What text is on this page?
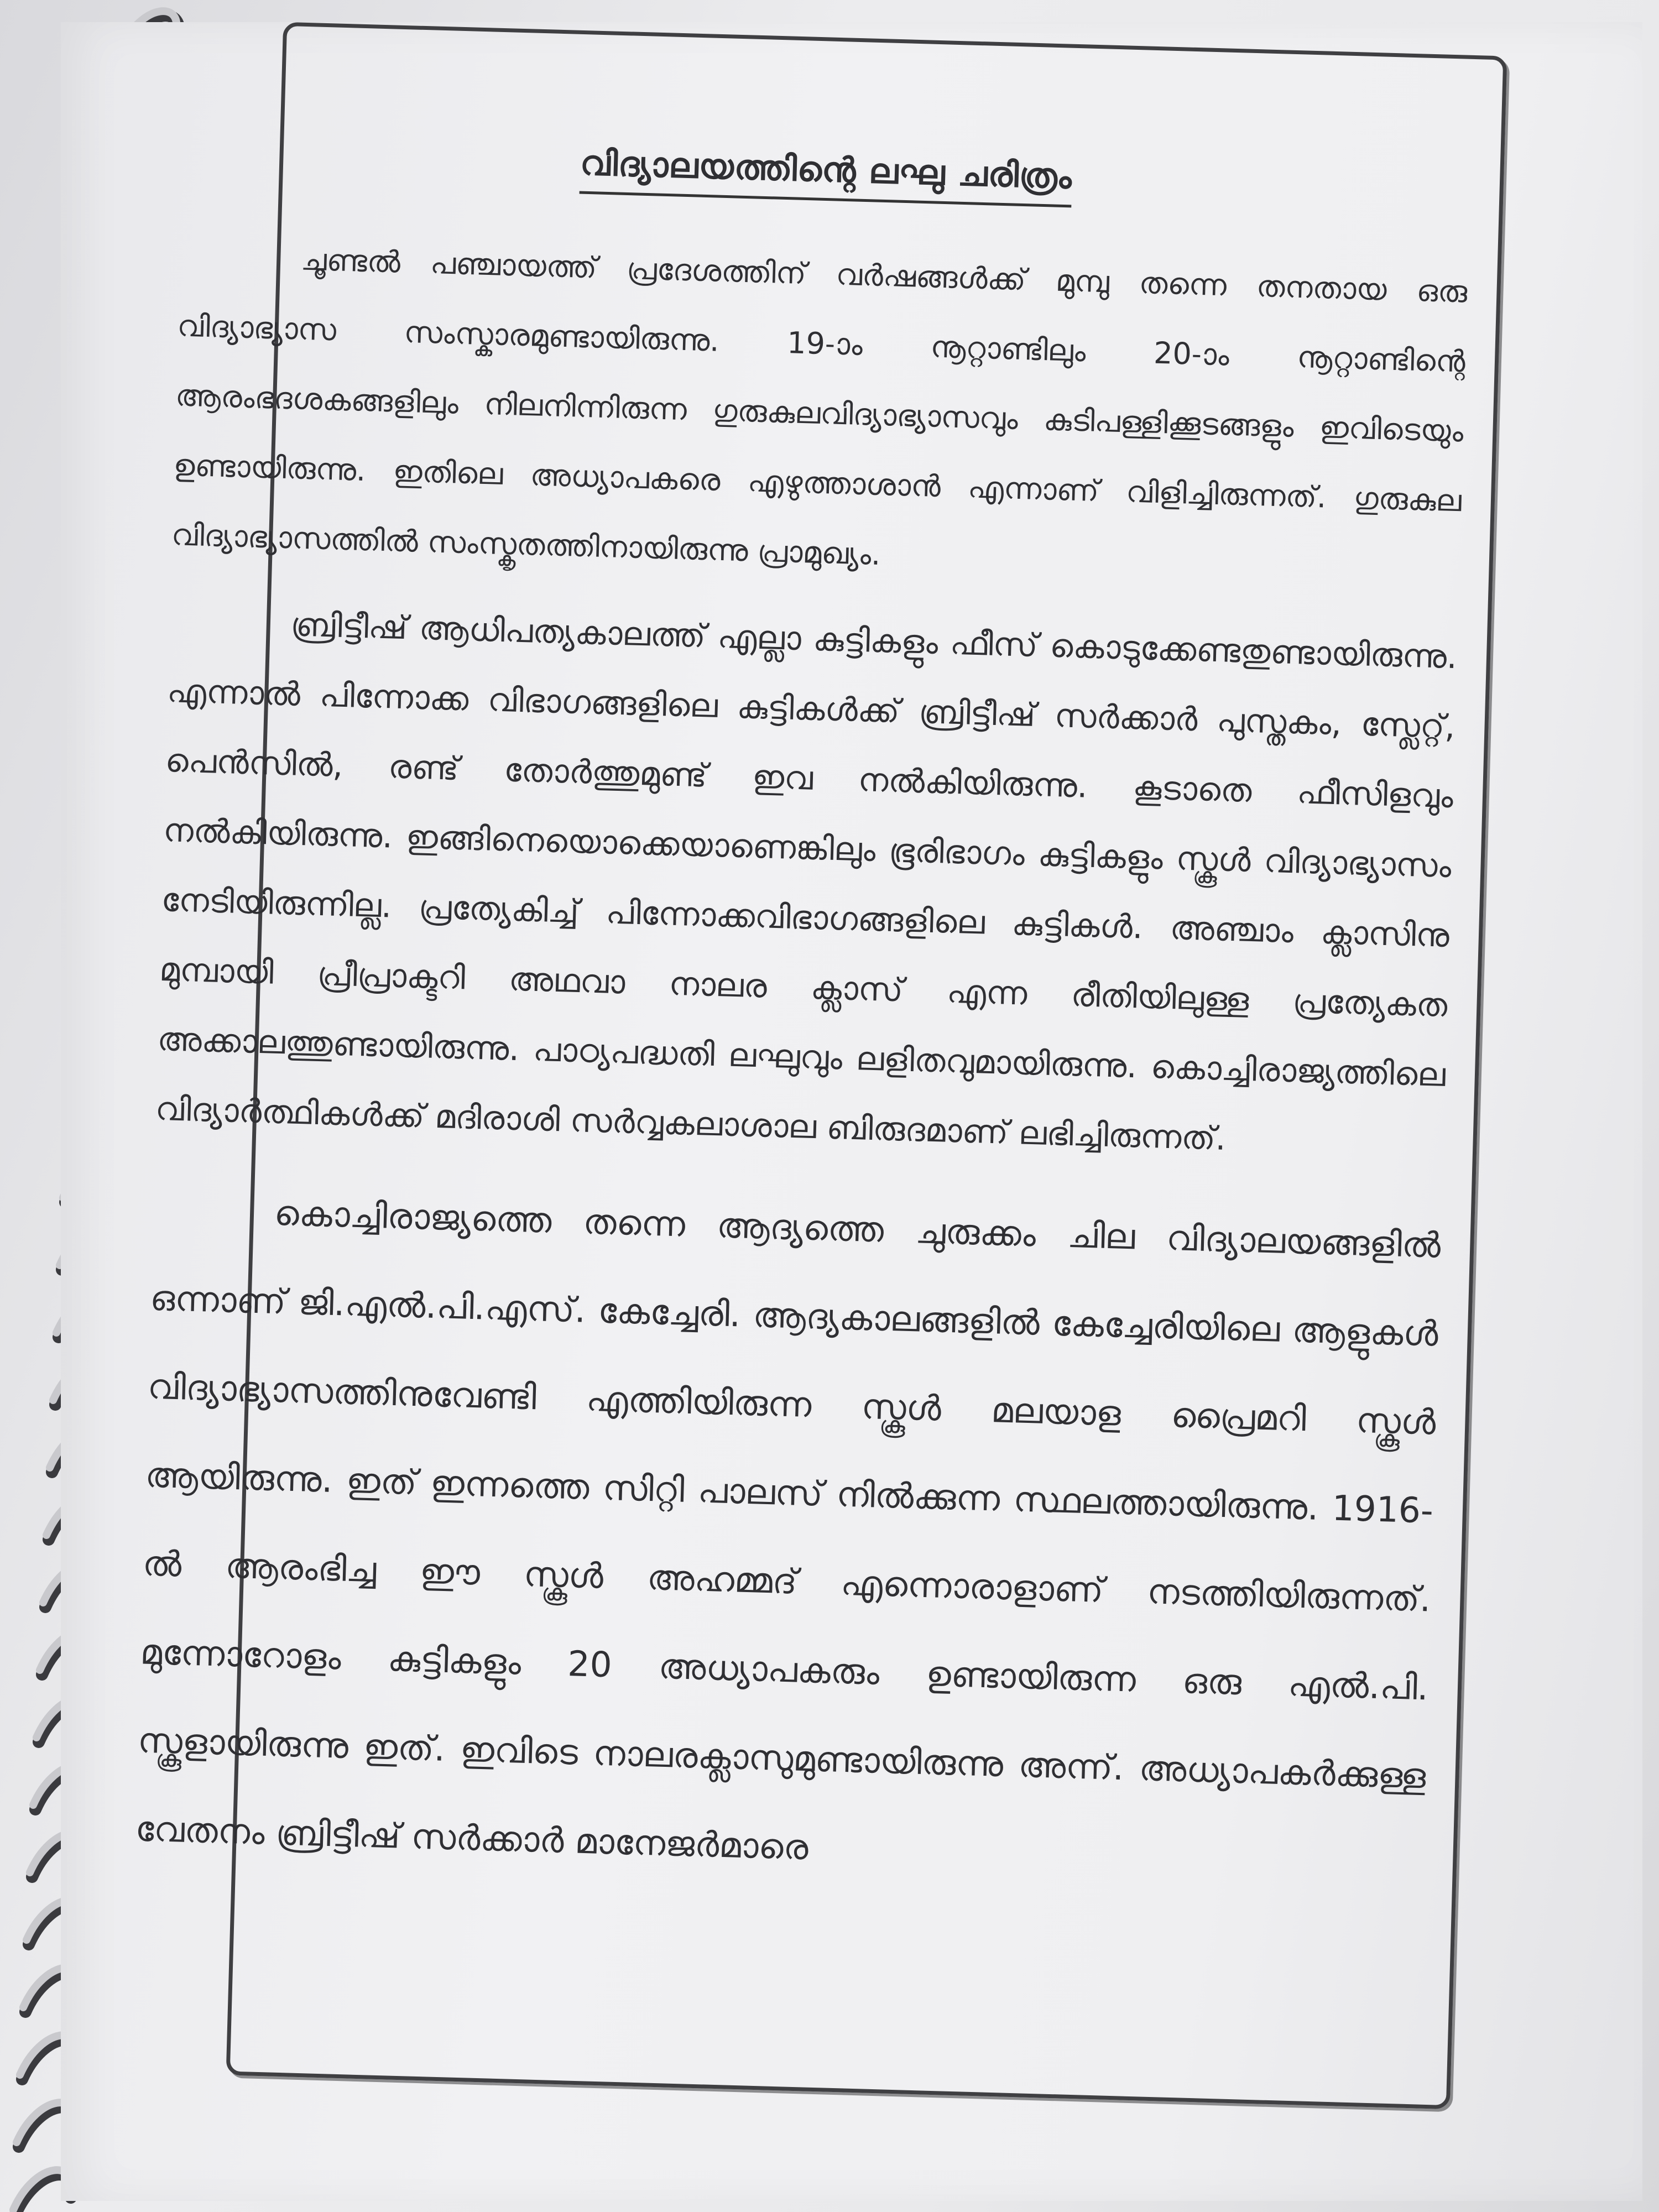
വിദ്യാലയത്തിന്റെ ലഘു ചരിത്രം

ചൂണ്ടൽ പഞ്ചായത്ത് പ്രദേശത്തിന് വർഷങ്ങൾക്ക് മുമ്പു തന്നെ തനതായ ഒരു വിദ്യാഭ്യാസ സംസ്കാരമുണ്ടായിരുന്നു. 19-ാം നൂറ്റാണ്ടിലും 20-ാം നൂറ്റാണ്ടിന്റെ ആരംഭദശകങ്ങളിലും നിലനിന്നിരുന്ന ഗുരുകുലവിദ്യാഭ്യാസവും കുടിപള്ളിക്കൂടങ്ങളും ഇവിടെയും ഉണ്ടായിരുന്നു. ഇതിലെ അധ്യാപകരെ എഴുത്താശാൻ എന്നാണ് വിളിച്ചിരുന്നത്. ഗുരുകുല വിദ്യാഭ്യാസത്തിൽ സംസ്കൃതത്തിനായിരുന്നു പ്രാമുഖ്യം.

ബ്രിട്ടീഷ് ആധിപത്യകാലത്ത് എല്ലാ കുട്ടികളും ഫീസ് കൊടുക്കേണ്ടതുണ്ടായിരുന്നു. എന്നാൽ പിന്നോക്ക വിഭാഗങ്ങളിലെ കുട്ടികൾക്ക് ബ്രിട്ടീഷ് സർക്കാർ പുസ്തകം, സ്ലേറ്റ്, പെൻസിൽ, രണ്ട് തോർത്തുമുണ്ട് ഇവ നൽകിയിരുന്നു. കൂടാതെ ഫീസിളവും നൽകിയിരുന്നു. ഇങ്ങിനെയൊക്കെയാണെങ്കിലും ഭൂരിഭാഗം കുട്ടികളും സ്കൂൾ വിദ്യാഭ്യാസം നേടിയിരുന്നില്ല. പ്രത്യേകിച്ച് പിന്നോക്കവിഭാഗങ്ങളിലെ കുട്ടികൾ. അഞ്ചാം ക്ലാസിനു മുമ്പായി പ്രീപ്രാക്ടറി അഥവാ നാലര ക്ലാസ് എന്ന രീതിയിലുള്ള പ്രത്യേകത അക്കാലത്തുണ്ടായിരുന്നു. പാഠ്യപദ്ധതി ലഘുവും ലളിതവുമായിരുന്നു. കൊച്ചിരാജ്യത്തിലെ വിദ്യാർത്ഥികൾക്ക് മദിരാശി സർവ്വകലാശാല ബിരുദമാണ് ലഭിച്ചിരുന്നത്.

കൊച്ചിരാജ്യത്തെ തന്നെ ആദ്യത്തെ ചുരുക്കം ചില വിദ്യാലയങ്ങളിൽ ഒന്നാണ് ജി.എൽ.പി.എസ്. കേച്ചേരി. ആദ്യകാലങ്ങളിൽ കേച്ചേരിയിലെ ആളുകൾ വിദ്യാഭ്യാസത്തിനുവേണ്ടി എത്തിയിരുന്ന സ്കൂൾ മലയാള പ്രൈമറി സ്കൂൾ ആയിരുന്നു. ഇത് ഇന്നത്തെ സിറ്റി പാലസ് നിൽക്കുന്ന സ്ഥലത്തായിരുന്നു. 1916-ൽ ആരംഭിച്ച ഈ സ്കൂൾ അഹമ്മദ് എന്നൊരാളാണ് നടത്തിയിരുന്നത്. മുന്നോറോളം കുട്ടികളും 20 അധ്യാപകരും ഉണ്ടായിരുന്ന ഒരു എൽ.പി. സ്കൂളായിരുന്നു ഇത്. ഇവിടെ നാലരക്ലാസുമുണ്ടായിരുന്നു അന്ന്. അധ്യാപകർക്കുള്ള വേതനം ബ്രിട്ടീഷ് സർക്കാർ മാനേജർമാരെ
